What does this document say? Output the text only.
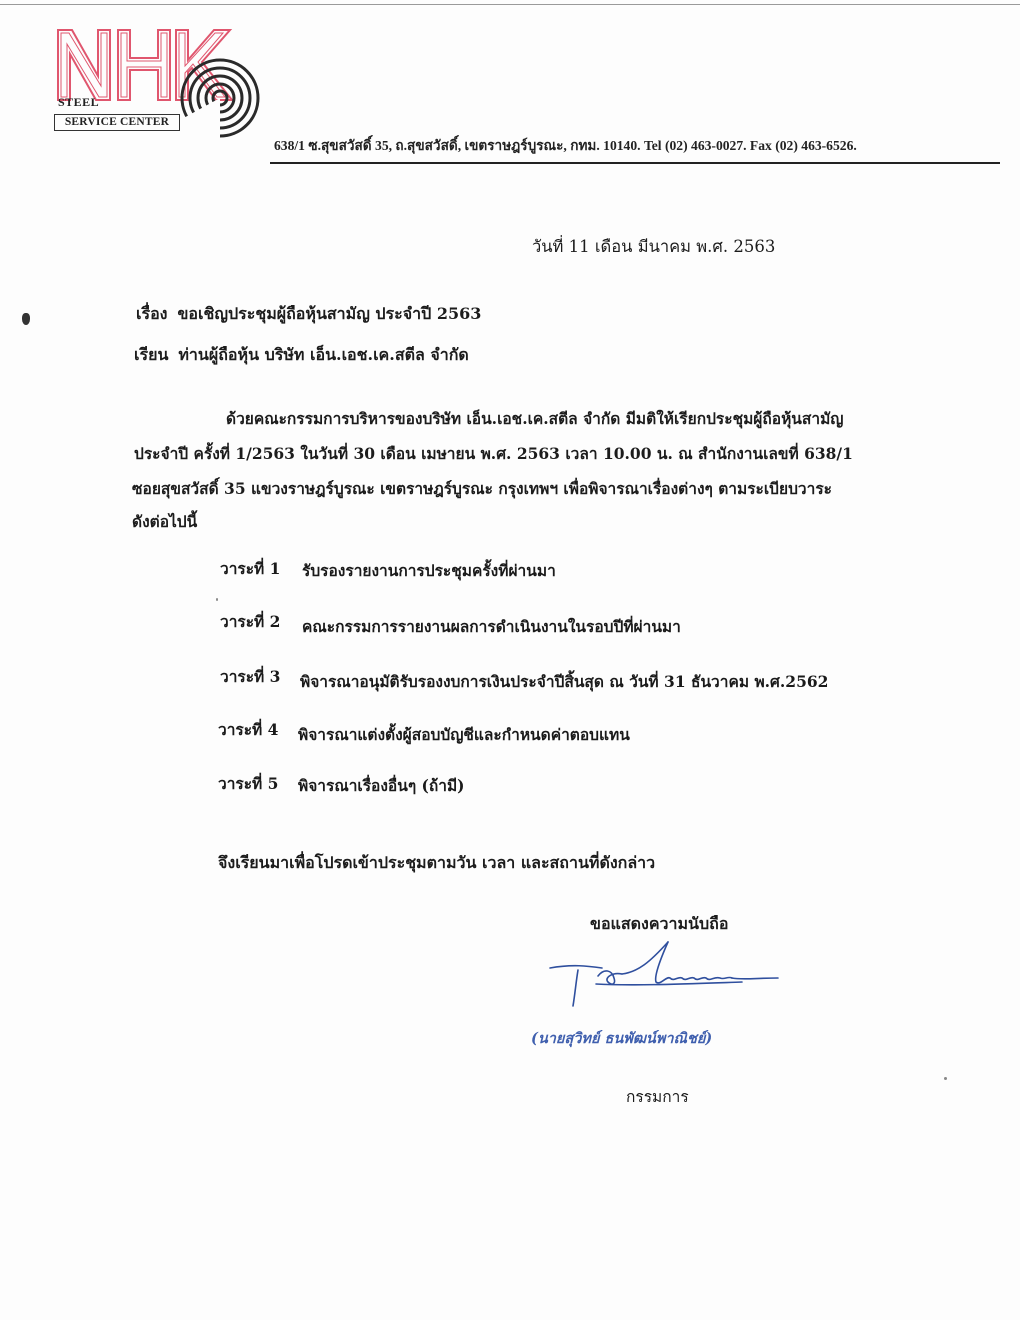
STEEL
SERVICE CENTER
638/1 ซ.สุขสวัสดิ์ 35, ถ.สุขสวัสดิ์, เขตราษฎร์บูรณะ, กทม. 10140. Tel (02) 463-0027. Fax (02) 463-6526.
วันที่ 11 เดือน มีนาคม พ.ศ. 2563
เรื่อง ขอเชิญประชุมผู้ถือหุ้นสามัญ ประจำปี 2563
เรียน ท่านผู้ถือหุ้น บริษัท เอ็น.เอช.เค.สตีล จำกัด
ด้วยคณะกรรมการบริหารของบริษัท เอ็น.เอช.เค.สตีล จำกัด มีมติให้เรียกประชุมผู้ถือหุ้นสามัญ
ประจำปี ครั้งที่ 1/2563 ในวันที่ 30 เดือน เมษายน พ.ศ. 2563 เวลา 10.00 น. ณ สำนักงานเลขที่ 638/1
ซอยสุขสวัสดิ์ 35 แขวงราษฎร์บูรณะ เขตราษฎร์บูรณะ กรุงเทพฯ เพื่อพิจารณาเรื่องต่างๆ ตามระเบียบวาระ
ดังต่อไปนี้
วาระที่ 1 รับรองรายงานการประชุมครั้งที่ผ่านมา
วาระที่ 2 คณะกรรมการรายงานผลการดำเนินงานในรอบปีที่ผ่านมา
วาระที่ 3 พิจารณาอนุมัติรับรองงบการเงินประจำปีสิ้นสุด ณ วันที่ 31 ธันวาคม พ.ศ.2562
วาระที่ 4 พิจารณาแต่งตั้งผู้สอบบัญชีและกำหนดค่าตอบแทน
วาระที่ 5 พิจารณาเรื่องอื่นๆ (ถ้ามี)
จึงเรียนมาเพื่อโปรดเข้าประชุมตามวัน เวลา และสถานที่ดังกล่าว
ขอแสดงความนับถือ
(นายสุวิทย์ ธนพัฒน์พาณิชย์)
กรรมการ
